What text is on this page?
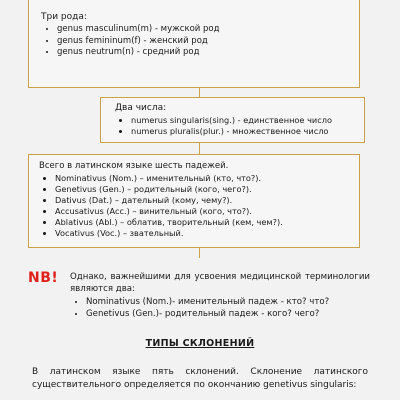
Три рода:
• genus masculinum(m) - мужской род
• genus femininum(f) - женский род
• genus neutrum(n) - средний род
Два числа:
• numerus singularis(sing.) - единственное число
• numerus pluralis(plur.) - множественное число
Всего в латинском языке шесть падежей.
• Nominativus (Nom.) – именительный (кто, что?).
• Genetivus (Gen.) – родительный (кого, чего?).
• Dativus (Dat.) – дательный (кому, чему?).
• Accusativus (Acc.) – винительный (кого, что?).
• Ablativus (Abl.) – облатив, творительный (кем, чем?).
• Vocativus (Voc.) – звательный.
NB! Однако, важнейшими для усвоения медицинской терминологии являются два:
• Nominativus (Nom.)- именительный падеж - кто? что?
• Genetivus (Gen.)- родительный падеж - кого? чего?
ТИПЫ СКЛОНЕНИЙ
В латинском языке пять склонений. Склонение латинского существительного определяется по окончанию genetivus singularis:
